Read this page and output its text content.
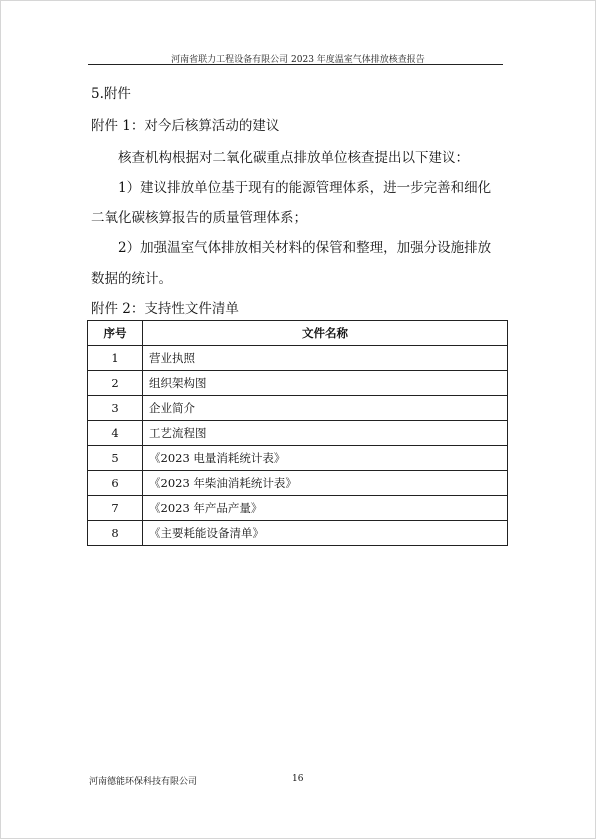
河南省联力工程设备有限公司 2023 年度温室气体排放核查报告
5.附件
附件 1：对今后核算活动的建议
核查机构根据对二氧化碳重点排放单位核查提出以下建议：
1）建议排放单位基于现有的能源管理体系，进一步完善和细化
二氧化碳核算报告的质量管理体系；
2）加强温室气体排放相关材料的保管和整理，加强分设施排放
数据的统计。
附件 2：支持性文件清单
序号	文件名称
1	营业执照
2	组织架构图
3	企业简介
4	工艺流程图
5	《2023 电量消耗统计表》
6	《2023 年柴油消耗统计表》
7	《2023 年产品产量》
8	《主要耗能设备清单》
河南德能环保科技有限公司	16
